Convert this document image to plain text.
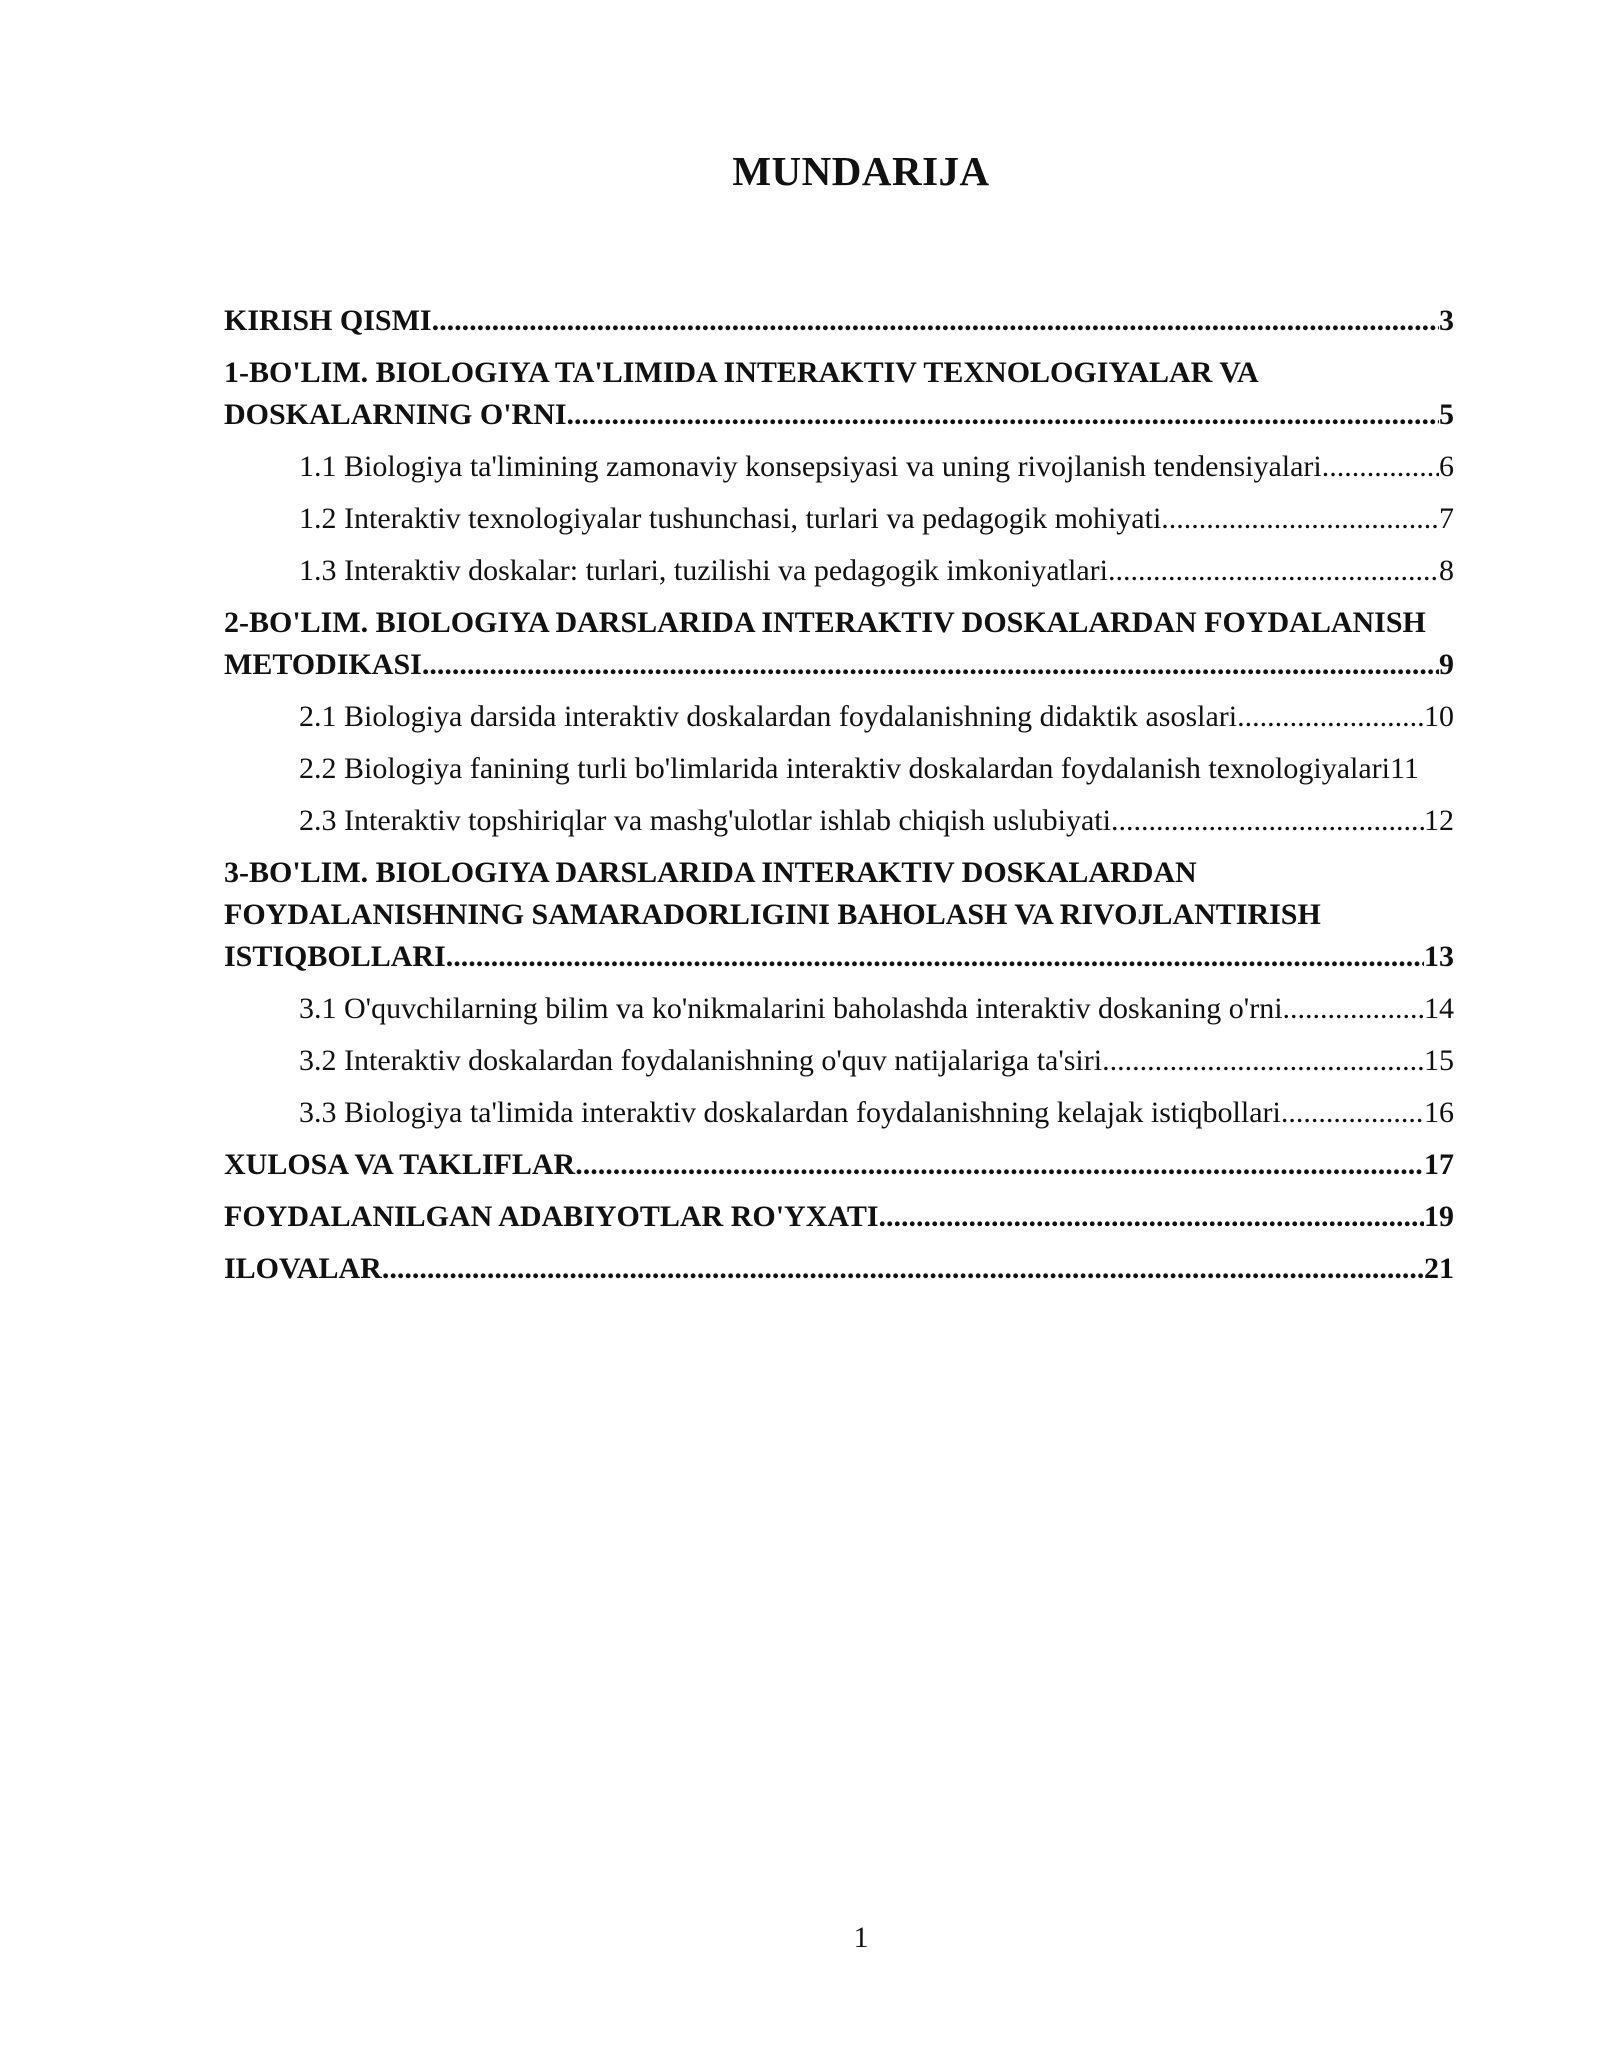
MUNDARIJA
KIRISH QISMI .....	3
1-BO'LIM. BIOLOGIYA TA'LIMIDA INTERAKTIV TEXNOLOGIYALAR VA
DOSKALARNING O'RNI .....	5
1.1 Biologiya ta'limining zamonaviy konsepsiyasi va uning rivojlanish tendensiyalari .....	6
1.2 Interaktiv texnologiyalar tushunchasi, turlari va pedagogik mohiyati .....	7
1.3 Interaktiv doskalar: turlari, tuzilishi va pedagogik imkoniyatlari .....	8
2-BO'LIM. BIOLOGIYA DARSLARIDA INTERAKTIV DOSKALARDAN FOYDALANISH
METODIKASI .....	9
2.1 Biologiya darsida interaktiv doskalardan foydalanishning didaktik asoslari .....	10
2.2 Biologiya fanining turli bo'limlarida interaktiv doskalardan foydalanish texnologiyalari 11
2.3 Interaktiv topshiriqlar va mashg'ulotlar ishlab chiqish uslubiyati .....	12
3-BO'LIM. BIOLOGIYA DARSLARIDA INTERAKTIV DOSKALARDAN
FOYDALANISHNING SAMARADORLIGINI BAHOLASH VA RIVOJLANTIRISH
ISTIQBOLLARI .....	13
3.1 O'quvchilarning bilim va ko'nikmalarini baholashda interaktiv doskaning o'rni .....	14
3.2 Interaktiv doskalardan foydalanishning o'quv natijalariga ta'siri .....	15
3.3 Biologiya ta'limida interaktiv doskalardan foydalanishning kelajak istiqbollari .....	16
XULOSA VA TAKLIFLAR .....	17
FOYDALANILGAN ADABIYOTLAR RO'YXATI .....	19
ILOVALAR .....	21
1
